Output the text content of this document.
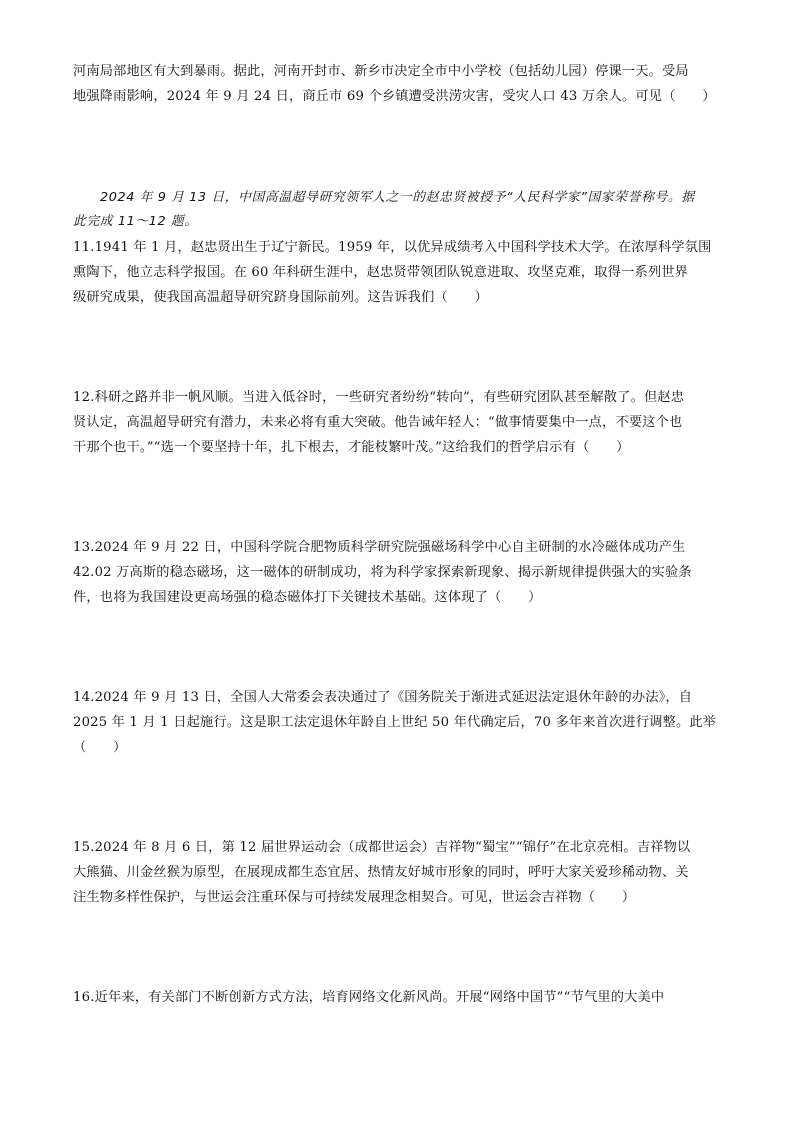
河南局部地区有大到暴雨。据此，河南开封市、新乡市决定全市中小学校（包括幼儿园）停课一天。受局
地强降雨影响，2024 年 9 月 24 日，商丘市 69 个乡镇遭受洪涝灾害，受灾人口 43 万余人。可见（　　）
2024 年 9 月 13 日，中国高温超导研究领军人之一的赵忠贤被授予“人民科学家”国家荣誉称号。据
此完成 11～12 题。
11.1941 年 1 月，赵忠贤出生于辽宁新民。1959 年，以优异成绩考入中国科学技术大学。在浓厚科学氛围
熏陶下，他立志科学报国。在 60 年科研生涯中，赵忠贤带领团队锐意进取、攻坚克难，取得一系列世界
级研究成果，使我国高温超导研究跻身国际前列。这告诉我们（　　）
12.科研之路并非一帆风顺。当进入低谷时，一些研究者纷纷“转向”，有些研究团队甚至解散了。但赵忠
贤认定，高温超导研究有潜力，未来必将有重大突破。他告诫年轻人：“做事情要集中一点，不要这个也
干那个也干。”“选一个要坚持十年，扎下根去，才能枝繁叶茂。”这给我们的哲学启示有（　　）
13.2024 年 9 月 22 日，中国科学院合肥物质科学研究院强磁场科学中心自主研制的水冷磁体成功产生
42.02 万高斯的稳态磁场，这一磁体的研制成功，将为科学家探索新现象、揭示新规律提供强大的实验条
件，也将为我国建设更高场强的稳态磁体打下关键技术基础。这体现了（　　）
14.2024 年 9 月 13 日，全国人大常委会表决通过了《国务院关于渐进式延迟法定退休年龄的办法》，自
2025 年 1 月 1 日起施行。这是职工法定退休年龄自上世纪 50 年代确定后，70 多年来首次进行调整。此举
（　　）
15.2024 年 8 月 6 日，第 12 届世界运动会（成都世运会）吉祥物“蜀宝”“锦仔”在北京亮相。吉祥物以
大熊猫、川金丝猴为原型，在展现成都生态宜居、热情友好城市形象的同时，呼吁大家关爱珍稀动物、关
注生物多样性保护，与世运会注重环保与可持续发展理念相契合。可见，世运会吉祥物（　　）
16.近年来，有关部门不断创新方式方法，培育网络文化新风尚。开展“网络中国节”“节气里的大美中
